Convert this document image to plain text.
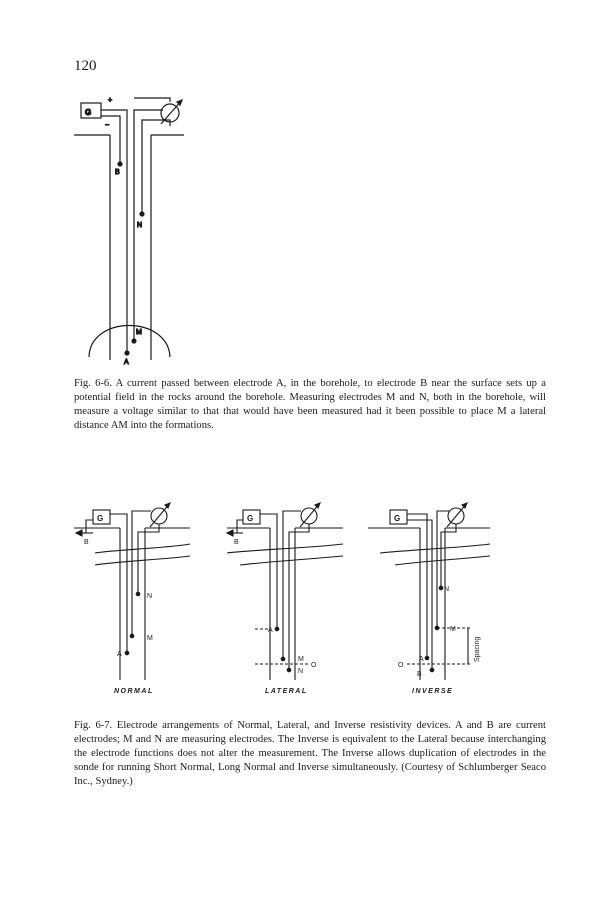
120
G
+
−
B
N
M
A
Fig. 6-6. A current passed between electrode A, in the borehole, to electrode B near the surface sets up a potential field in the rocks around the borehole. Measuring electrodes M and N, both in the borehole, will measure a voltage similar to that that would have been measured had it been possible to place M a lateral distance AM into the formations.
G
B
N
M
A
NORMAL
G
B
A
M
N
O
LATERAL
G
N
M
A
B
O
Spacing
INVERSE
Fig. 6-7. Electrode arrangements of Normal, Lateral, and Inverse resistivity devices. A and B are current electrodes; M and N are measuring electrodes. The Inverse is equivalent to the Lateral because interchanging the electrode functions does not alter the measurement. The Inverse allows duplication of electrodes in the sonde for running Short Normal, Long Normal and Inverse simultaneously. (Courtesy of Schlumberger Seaco Inc., Sydney.)
